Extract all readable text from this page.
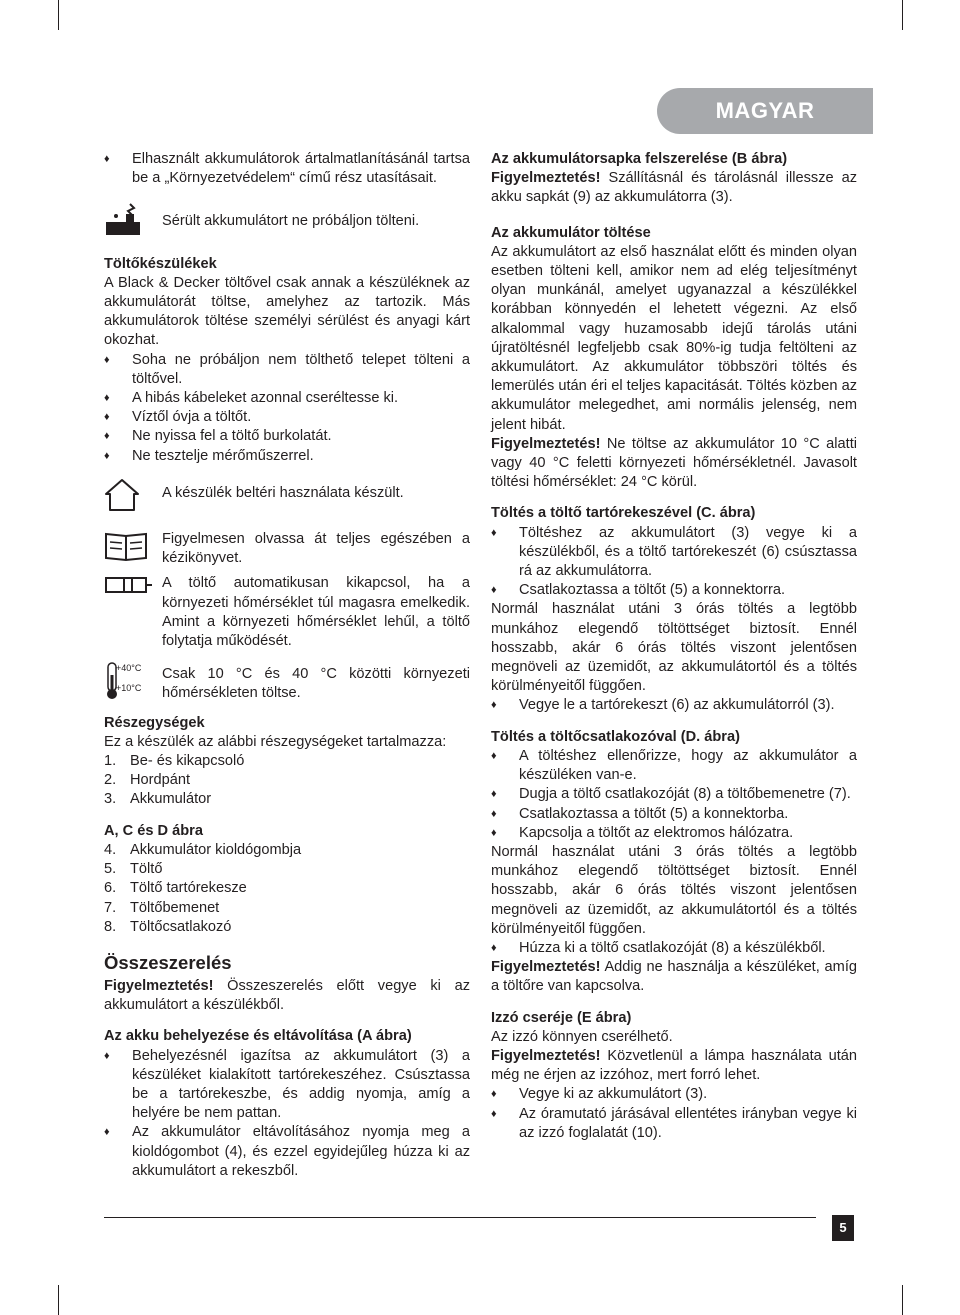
MAGYAR
♦ Elhasznált akkumulátorok ártalmatlanításánál tartsa be a „Környezetvédelem“ című rész utasításait.
Sérült akkumulátort ne próbáljon tölteni.

Töltőkészülékek

A Black & Decker töltővel csak annak a készüléknek az akkumulátorát töltse, amelyhez az tartozik. Más akkumulátorok töltése személyi sérülést és anyagi kárt okozhat.

♦ Soha ne próbáljon nem tölthető telepet tölteni a töltővel.
♦ A hibás kábeleket azonnal cseréltesse ki.
♦ Víztől óvja a töltőt.
♦ Ne nyissa fel a töltő burkolatát.
♦ Ne tesztelje mérőműszerrel.
A készülék beltéri használata készült.
Figyelmesen olvassa át teljes egészében a kézikönyvet.
A töltő automatikusan kikapcsol, ha a környezeti hőmérséklet túl magasra emelkedik. Amint a környezeti hőmérséklet lehűl, a töltő folytatja működését.
+40°C
+10°C
Csak 10 °C és 40 °C közötti környezeti hőmérsékleten töltse.

Részegységek

Ez a készülék az alábbi részegységeket tartalmazza:

1. Be- és kikapcsoló
2. Hordpánt
3. Akkumulátor

A, C és D ábra

4. Akkumulátor kioldógombja
5. Töltő
6. Töltő tartórekesze
7. Töltőbemenet
8. Töltőcsatlakozó

Összeszerelés

Figyelmeztetés! Összeszerelés előtt vegye ki az akkumulátort a készülékből.

Az akku behelyezése és eltávolítása (A ábra)

♦ Behelyezésnél igazítsa az akkumulátort (3) a készüléket kialakított tartórekeszéhez. Csúsztassa be a tartórekeszbe, és addig nyomja, amíg a helyére be nem pattan.
♦ Az akkumulátor eltávolításához nyomja meg a kioldógombot (4), és ezzel egyidejűleg húzza ki az akkumulátort a rekeszből.

Az akkumulátorsapka felszerelése (B ábra)

Figyelmeztetés! Szállításnál és tárolásnál illessze az akku sapkát (9) az akkumulátorra (3).

Az akkumulátor töltése

Az akkumulátort az első használat előtt és minden olyan esetben tölteni kell, amikor nem ad elég teljesítményt olyan munkánál, amelyet ugyanazzal a készülékkel korábban könnyedén el lehetett végezni. Az első alkalommal vagy huzamosabb idejű tárolás utáni újratöltésnél legfeljebb csak 80%-ig tudja feltölteni az akkumulátort. Az akkumulátor többszöri töltés és lemerülés után éri el teljes kapacitását. Töltés közben az akkumulátor melegedhet, ami normális jelenség, nem jelent hibát.

Figyelmeztetés! Ne töltse az akkumulátor 10 °C alatti vagy 40 °C feletti környezeti hőmérsékletnél. Javasolt töltési hőmérséklet: 24 °C körül.

Töltés a töltő tartórekeszével (C. ábra)

♦ Töltéshez az akkumulátort (3) vegye ki a készülékből, és a töltő tartórekeszét (6) csúsztassa rá az akkumulátorra.
♦ Csatlakoztassa a töltőt (5) a konnektorra.

Normál használat utáni 3 órás töltés a legtöbb munkához elegendő töltöttséget biztosít. Ennél hosszabb, akár 6 órás töltés viszont jelentősen megnöveli az üzemidőt, az akkumulátortól és a töltés körülményeitől függően.

♦ Vegye le a tartórekeszt (6) az akkumulátorról (3).

Töltés a töltőcsatlakozóval (D. ábra)

♦ A töltéshez ellenőrizze, hogy az akkumulátor a készüléken van-e.
♦ Dugja a töltő csatlakozóját (8) a töltőbemenetre (7).
♦ Csatlakoztassa a töltőt (5) a konnektorba.
♦ Kapcsolja a töltőt az elektromos hálózatra.

Normál használat utáni 3 órás töltés a legtöbb munkához elegendő töltöttséget biztosít. Ennél hosszabb, akár 6 órás töltés viszont jelentősen megnöveli az üzemidőt, az akkumulátortól és a töltés körülményeitől függően.

♦ Húzza ki a töltő csatlakozóját (8) a készülékből.

Figyelmeztetés! Addig ne használja a készüléket, amíg a töltőre van kapcsolva.

Izzó cseréje (E ábra)

Az izzó könnyen cserélhető.

Figyelmeztetés! Közvetlenül a lámpa használata után még ne érjen az izzóhoz, mert forró lehet.

♦ Vegye ki az akkumulátort (3).
♦ Az óramutató járásával ellentétes irányban vegye ki az izzó foglalatát (10).
5
